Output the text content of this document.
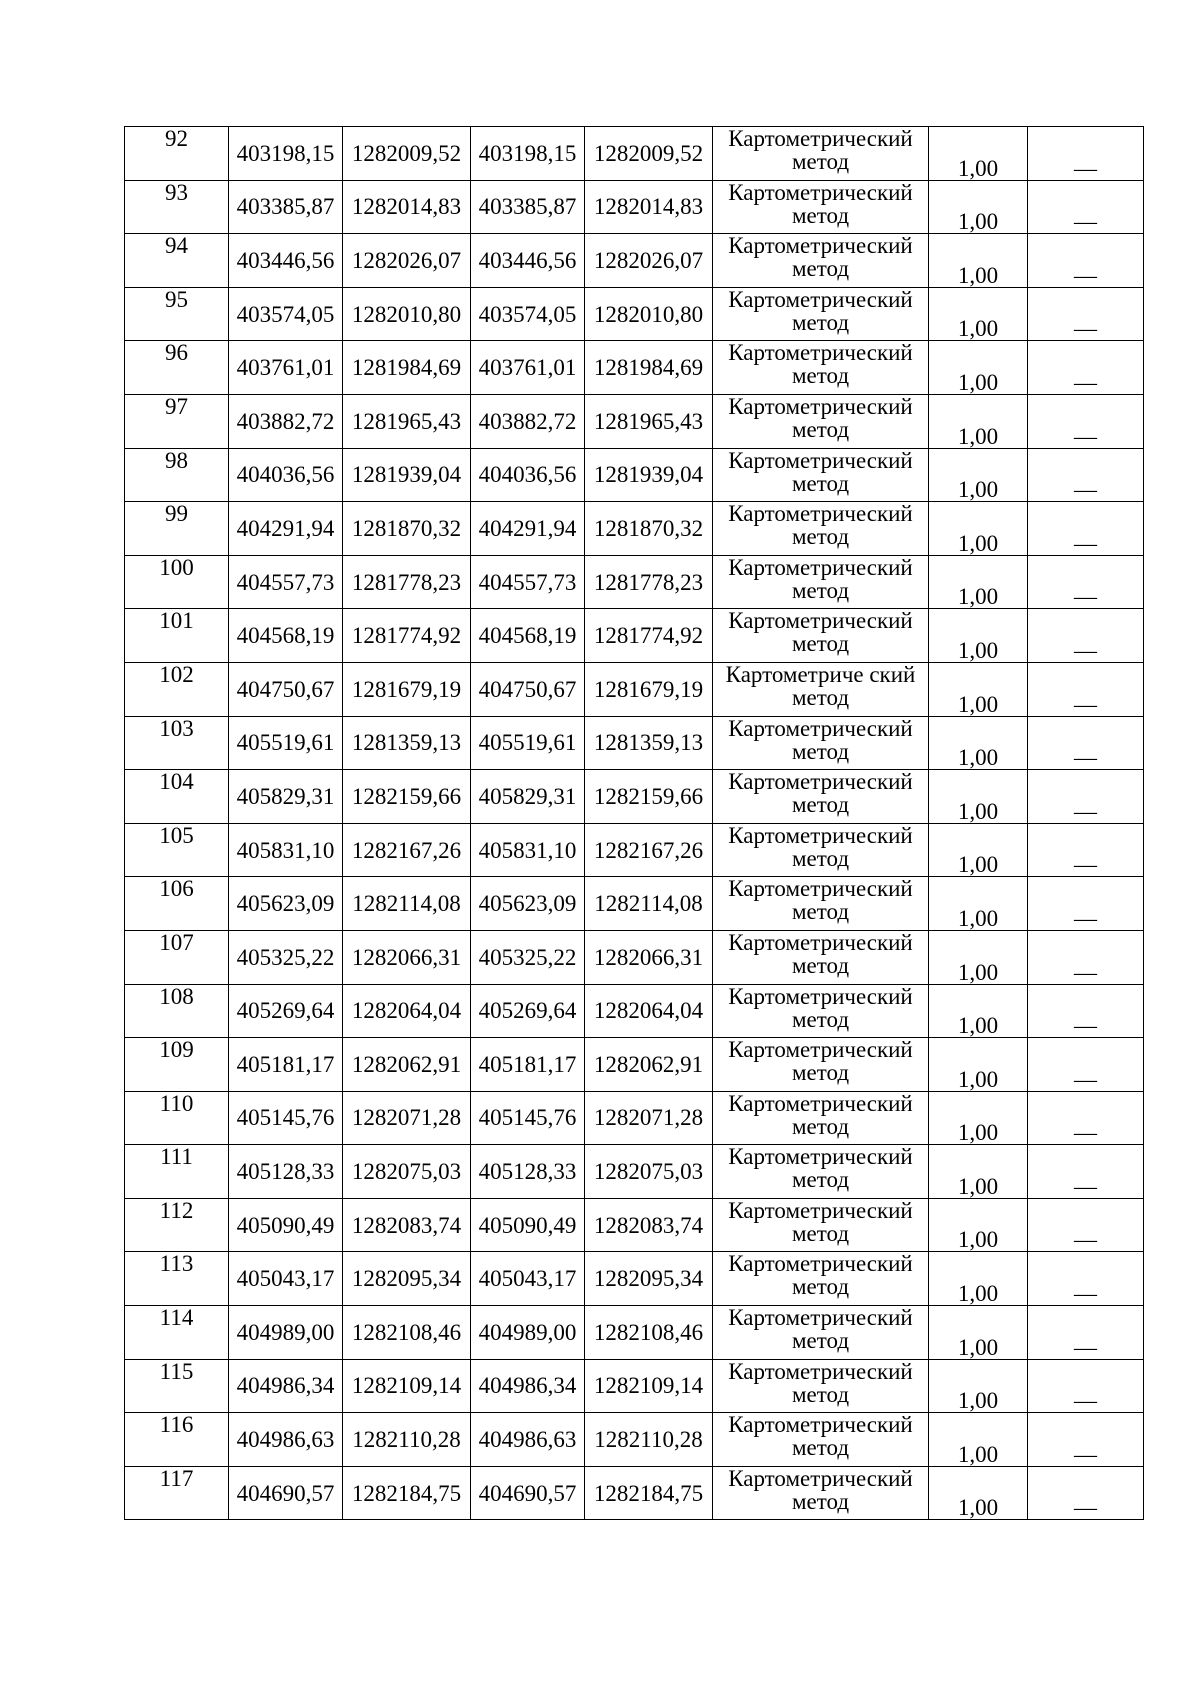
92	403198,15	1282009,52	403198,15	1282009,52	Картометрический
метод	1,00	—
93	403385,87	1282014,83	403385,87	1282014,83	Картометрический
метод	1,00	—
94	403446,56	1282026,07	403446,56	1282026,07	Картометрический
метод	1,00	—
95	403574,05	1282010,80	403574,05	1282010,80	Картометрический
метод	1,00	—
96	403761,01	1281984,69	403761,01	1281984,69	Картометрический
метод	1,00	—
97	403882,72	1281965,43	403882,72	1281965,43	Картометрический
метод	1,00	—
98	404036,56	1281939,04	404036,56	1281939,04	Картометрический
метод	1,00	—
99	404291,94	1281870,32	404291,94	1281870,32	Картометрический
метод	1,00	—
100	404557,73	1281778,23	404557,73	1281778,23	Картометрический
метод	1,00	—
101	404568,19	1281774,92	404568,19	1281774,92	Картометрический
метод	1,00	—
102	404750,67	1281679,19	404750,67	1281679,19	Картометриче ский
метод	1,00	—
103	405519,61	1281359,13	405519,61	1281359,13	Картометрический
метод	1,00	—
104	405829,31	1282159,66	405829,31	1282159,66	Картометрический
метод	1,00	—
105	405831,10	1282167,26	405831,10	1282167,26	Картометрический
метод	1,00	—
106	405623,09	1282114,08	405623,09	1282114,08	Картометрический
метод	1,00	—
107	405325,22	1282066,31	405325,22	1282066,31	Картометрический
метод	1,00	—
108	405269,64	1282064,04	405269,64	1282064,04	Картометрический
метод	1,00	—
109	405181,17	1282062,91	405181,17	1282062,91	Картометрический
метод	1,00	—
110	405145,76	1282071,28	405145,76	1282071,28	Картометрический
метод	1,00	—
111	405128,33	1282075,03	405128,33	1282075,03	Картометрический
метод	1,00	—
112	405090,49	1282083,74	405090,49	1282083,74	Картометрический
метод	1,00	—
113	405043,17	1282095,34	405043,17	1282095,34	Картометрический
метод	1,00	—
114	404989,00	1282108,46	404989,00	1282108,46	Картометрический
метод	1,00	—
115	404986,34	1282109,14	404986,34	1282109,14	Картометрический
метод	1,00	—
116	404986,63	1282110,28	404986,63	1282110,28	Картометрический
метод	1,00	—
117	404690,57	1282184,75	404690,57	1282184,75	Картометрический
метод	1,00	—
